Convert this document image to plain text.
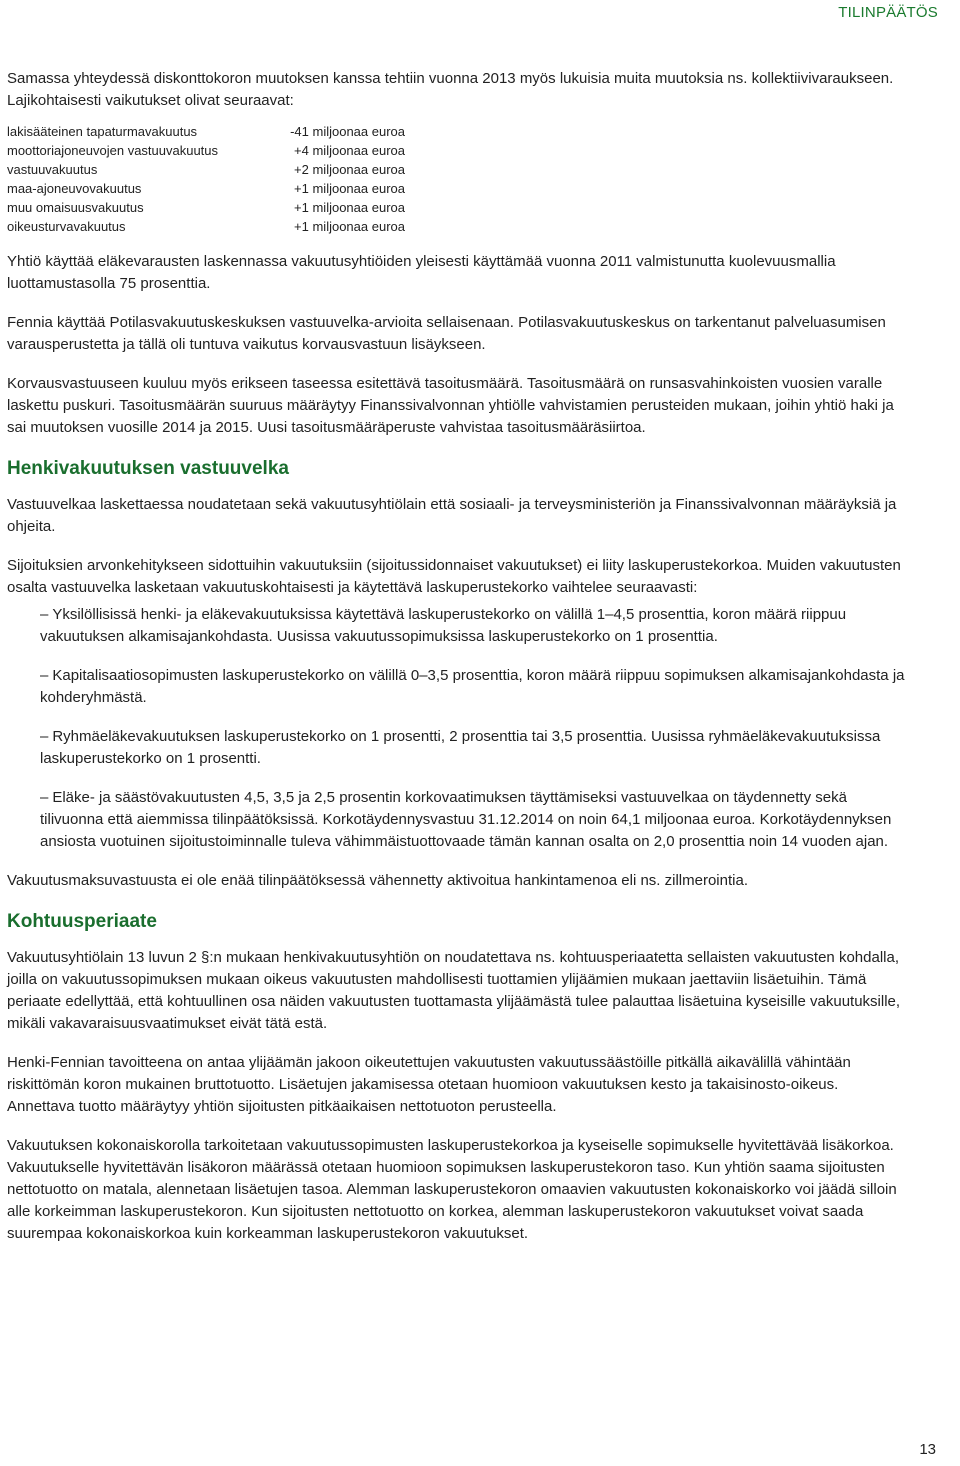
TILINPÄÄTÖS

Samassa yhteydessä diskonttokoron muutoksen kanssa tehtiin vuonna 2013 myös lukuisia muita muutoksia ns. kollektiivivaraukseen. Lajikohtaisesti vaikutukset olivat seuraavat:

lakisääteinen tapaturmavakuutus	-41 miljoonaa euroa
moottoriajoneuvojen vastuuvakuutus	+4 miljoonaa euroa
vastuuvakuutus	+2 miljoonaa euroa
maa-ajoneuvovakuutus	+1 miljoonaa euroa
muu omaisuusvakuutus	+1 miljoonaa euroa
oikeusturvavakuutus	+1 miljoonaa euroa

Yhtiö käyttää eläkevarausten laskennassa vakuutusyhtiöiden yleisesti käyttämää vuonna 2011 valmistunutta kuolevuusmallia luottamustasolla 75 prosenttia.

Fennia käyttää Potilasvakuutuskeskuksen vastuuvelka-arvioita sellaisenaan. Potilasvakuutuskeskus on tarkentanut palveluasumisen varausperustetta ja tällä oli tuntuva vaikutus korvausvastuun lisäykseen.

Korvausvastuuseen kuuluu myös erikseen taseessa esitettävä tasoitusmäärä. Tasoitusmäärä on runsasvahinkoisten vuosien varalle laskettu puskuri. Tasoitusmäärän suuruus määräytyy Finanssivalvonnan yhtiölle vahvistamien perusteiden mukaan, joihin yhtiö haki ja sai muutoksen vuosille 2014 ja 2015. Uusi tasoitusmääräperuste vahvistaa tasoitusmääräsiirtoa.

Henkivakuutuksen vastuuvelka

Vastuuvelkaa laskettaessa noudatetaan sekä vakuutusyhtiölain että sosiaali- ja terveysministeriön ja Finanssivalvonnan määräyksiä ja ohjeita.

Sijoituksien arvonkehitykseen sidottuihin vakuutuksiin (sijoitussidonnaiset vakuutukset) ei liity laskuperustekorkoa. Muiden vakuutusten osalta vastuuvelka lasketaan vakuutuskohtaisesti ja käytettävä laskuperustekorko vaihtelee seuraavasti:

– Yksilöllisissä henki- ja eläkevakuutuksissa käytettävä laskuperustekorko on välillä 1–4,5 prosenttia, koron määrä riippuu vakuutuksen alkamisajankohdasta. Uusissa vakuutussopimuksissa laskuperustekorko on 1 prosenttia.
– Kapitalisaatiosopimusten laskuperustekorko on välillä 0–3,5 prosenttia, koron määrä riippuu sopimuksen alkamisajankohdasta ja kohderyhmästä.
– Ryhmäeläkevakuutuksen laskuperustekorko on 1 prosentti, 2 prosenttia tai 3,5 prosenttia. Uusissa ryhmäeläkevakuutuksissa laskuperustekorko on 1 prosentti.
– Eläke- ja säästövakuutusten 4,5, 3,5 ja 2,5 prosentin korkovaatimuksen täyttämiseksi vastuuvelkaa on täydennetty sekä tilivuonna että aiemmissa tilinpäätöksissä. Korkotäydennysvastuu 31.12.2014 on noin 64,1 miljoonaa euroa. Korkotäydennyksen ansiosta vuotuinen sijoitustoiminnalle tuleva vähimmäistuottovaade tämän kannan osalta on 2,0 prosenttia noin 14 vuoden ajan.

Vakuutusmaksuvastuusta ei ole enää tilinpäätöksessä vähennetty aktivoitua hankintamenoa eli ns. zillmerointia.

Kohtuusperiaate

Vakuutusyhtiölain 13 luvun 2 §:n mukaan henkivakuutusyhtiön on noudatettava ns. kohtuusperiaatetta sellaisten vakuutusten kohdalla, joilla on vakuutussopimuksen mukaan oikeus vakuutusten mahdollisesti tuottamien ylijäämien mukaan jaettaviin lisäetuihin. Tämä periaate edellyttää, että kohtuullinen osa näiden vakuutusten tuottamasta ylijäämästä tulee palauttaa lisäetuina kyseisille vakuutuksille, mikäli vakavaraisuusvaatimukset eivät tätä estä.

Henki-Fennian tavoitteena on antaa ylijäämän jakoon oikeutettujen vakuutusten vakuutussäästöille pitkällä aikavälillä vähintään riskittömän koron mukainen bruttotuotto. Lisäetujen jakamisessa otetaan huomioon vakuutuksen kesto ja takaisinosto-oikeus. Annettava tuotto määräytyy yhtiön sijoitusten pitkäaikaisen nettotuoton perusteella.

Vakuutuksen kokonaiskorolla tarkoitetaan vakuutussopimusten laskuperustekorkoa ja kyseiselle sopimukselle hyvitettävää lisäkorkoa. Vakuutukselle hyvitettävän lisäkoron määrässä otetaan huomioon sopimuksen laskuperustekoron taso. Kun yhtiön saama sijoitusten nettotuotto on matala, alennetaan lisäetujen tasoa. Alemman laskuperustekoron omaavien vakuutusten kokonaiskorko voi jäädä silloin alle korkeimman laskuperustekoron. Kun sijoitusten nettotuotto on korkea, alemman laskuperustekoron vakuutukset voivat saada suurempaa kokonaiskorkoa kuin korkeamman laskuperustekoron vakuutukset.

13
